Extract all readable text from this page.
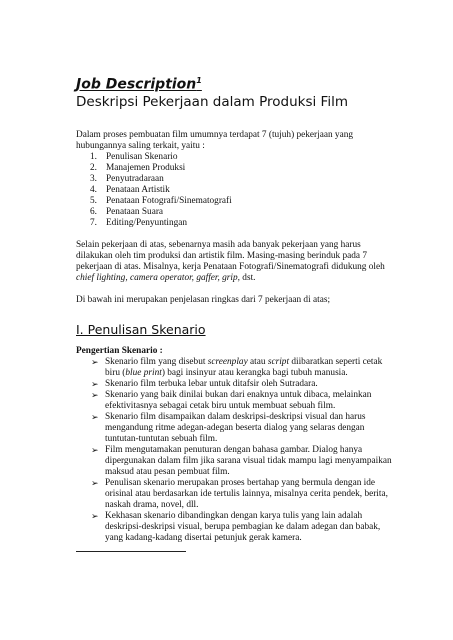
Job Description$^1$
Deskripsi Pekerjaan dalam Produksi Film
Dalam proses pembuatan film umumnya terdapat 7 (tujuh) pekerjaan yang
hubungannya saling terkait, yaitu :
1. Penulisan Skenario
2. Manajemen Produksi
3. Penyutradaraan
4. Penataan Artistik
5. Penataan Fotografi/Sinematografi
6. Penataan Suara
7. Editing/Penyuntingan
Selain pekerjaan di atas, sebenarnya masih ada banyak pekerjaan yang harus
dilakukan oleh tim produksi dan artistik film. Masing-masing berinduk pada 7
pekerjaan di atas. Misalnya, kerja Penataan Fotografi/Sinematografi didukung oleh
chief lighting, camera operator, gaffer, grip, dst.
Di bawah ini merupakan penjelasan ringkas dari 7 pekerjaan di atas;
I. Penulisan Skenario
Pengertian Skenario :
➢ Skenario film yang disebut screenplay atau script diibaratkan seperti cetak
biru (blue print) bagi insinyur atau kerangka bagi tubuh manusia.
➢ Skenario film terbuka lebar untuk ditafsir oleh Sutradara.
➢ Skenario yang baik dinilai bukan dari enaknya untuk dibaca, melainkan
efektivitasnya sebagai cetak biru untuk membuat sebuah film.
➢ Skenario film disampaikan dalam deskripsi-deskripsi visual dan harus
mengandung ritme adegan-adegan beserta dialog yang selaras dengan
tuntutan-tuntutan sebuah film.
➢ Film mengutamakan penuturan dengan bahasa gambar. Dialog hanya
dipergunakan dalam film jika sarana visual tidak mampu lagi menyampaikan
maksud atau pesan pembuat film.
➢ Penulisan skenario merupakan proses bertahap yang bermula dengan ide
orisinal atau berdasarkan ide tertulis lainnya, misalnya cerita pendek, berita,
naskah drama, novel, dll.
➢ Kekhasan skenario dibandingkan dengan karya tulis yang lain adalah
deskripsi-deskripsi visual, berupa pembagian ke dalam adegan dan babak,
yang kadang-kadang disertai petunjuk gerak kamera.
